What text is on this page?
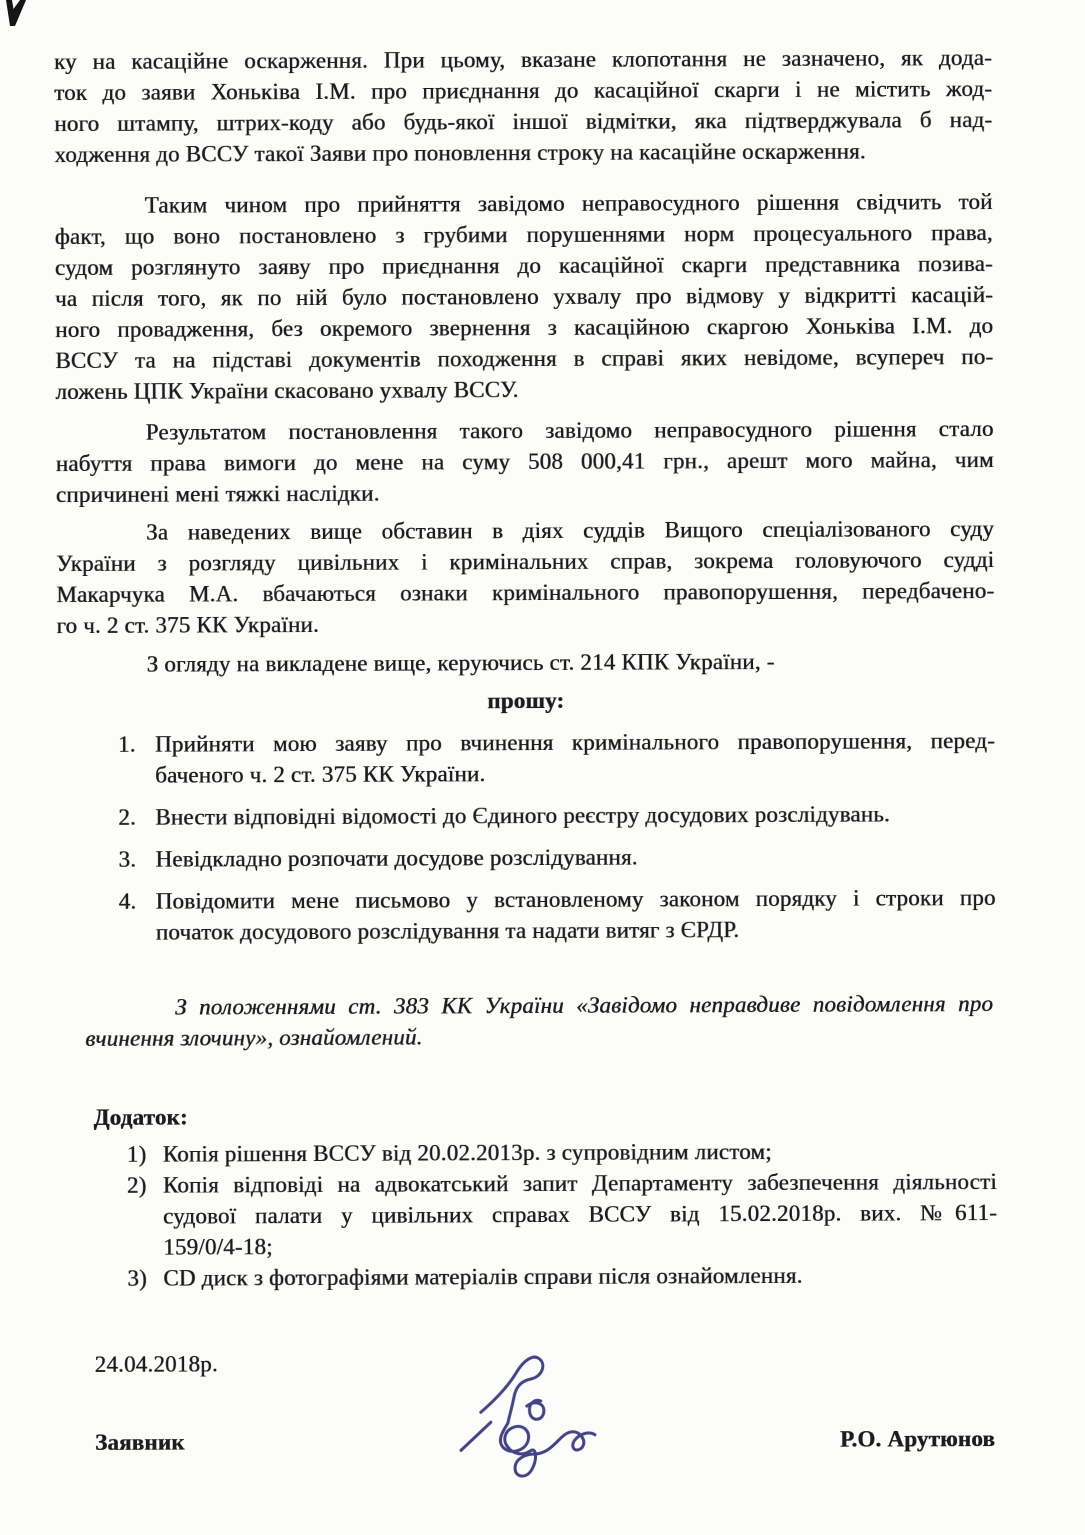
ку на касаційне оскарження. При цьому, вказане клопотання не зазначено, як дода-
ток до заяви Хоньківа І.М. про приєднання до касаційної скарги і не містить жод-
ного штампу, штрих-коду або будь-якої іншої відмітки, яка підтверджувала б над-
ходження до ВССУ такої Заяви про поновлення строку на касаційне оскарження.
Таким чином про прийняття завідомо неправосудного рішення свідчить той
факт, що воно постановлено з грубими порушеннями норм процесуального права,
судом розглянуто заяву про приєднання до касаційної скарги представника позива-
ча після того, як по ній було постановлено ухвалу про відмову у відкритті касацій-
ного провадження, без окремого звернення з касаційною скаргою Хоньківа І.М. до
ВССУ та на підставі документів походження в справі яких невідоме, всупереч по-
ложень ЦПК України скасовано ухвалу ВССУ.
Результатом постановлення такого завідомо неправосудного рішення стало
набуття права вимоги до мене на суму 508 000,41 грн., арешт мого майна, чим
спричинені мені тяжкі наслідки.
За наведених вище обставин в діях суддів Вищого спеціалізованого суду
України з розгляду цивільних і кримінальних справ, зокрема головуючого судді
Макарчука М.А. вбачаються ознаки кримінального правопорушення, передбачено-
го ч. 2 ст. 375 КК України.
З огляду на викладене вище, керуючись ст. 214 КПК України, -
прошу:
1. Прийняти мою заяву про вчинення кримінального правопорушення, перед-
баченого ч. 2 ст. 375 КК України.
2. Внести відповідні відомості до Єдиного реєстру досудових розслідувань.
3. Невідкладно розпочати досудове розслідування.
4. Повідомити мене письмово у встановленому законом порядку і строки про
початок досудового розслідування та надати витяг з ЄРДР.
З положеннями ст. 383 КК України «Завідомо неправдиве повідомлення про
вчинення злочину», ознайомлений.
Додаток:
1) Копія рішення ВССУ від 20.02.2013р. з супровідним листом;
2) Копія відповіді на адвокатський запит Департаменту забезпечення діяльності
судової палати у цивільних справах ВССУ від 15.02.2018р. вих. №611-
159/0/4-18;
3) CD диск з фотографіями матеріалів справи після ознайомлення.
24.04.2018р.
Заявник	Р.О. Арутюнов
